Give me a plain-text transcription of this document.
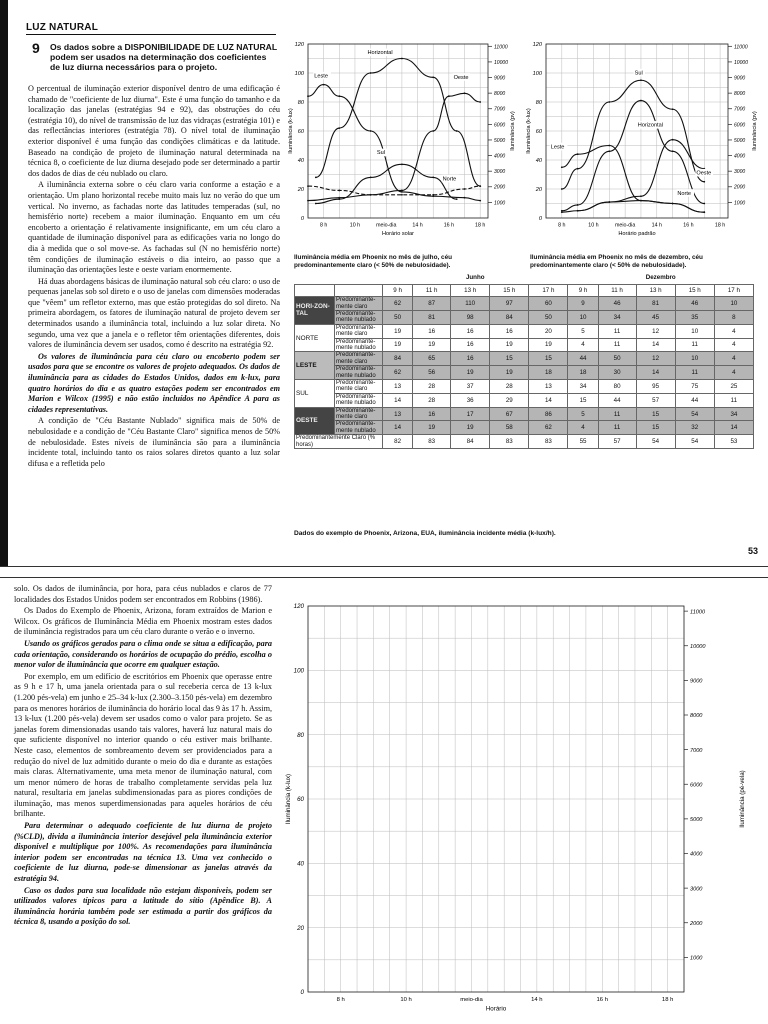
LUZ NATURAL
9 Os dados sobre a DISPONIBILIDADE DE LUZ NATURAL podem ser usados na determinação dos coeficientes de luz diurna necessários para o projeto.

O percentual de iluminação exterior disponível dentro de uma edificação é chamado de "coeficiente de luz diurna". Este é uma função do tamanho e da localização das janelas (estratégias 94 e 92), das obstruções do céu (estratégia 10), do nível de transmissão de luz das vidraças (estratégia 101) e das reflectâncias interiores (estratégia 78). O nível total de iluminação exterior disponível é uma função das condições climáticas e da latitude. Baseado na condição de projeto de iluminação natural determinada na técnica 8, o coeficiente de luz diurna desejado pode ser determinado a partir dos dados de dias de céu nublado ou claro.

A iluminância externa sobre o céu claro varia conforme a estação e a orientação. Um plano horizontal recebe muito mais luz no verão do que um vertical. No inverno, as fachadas norte das latitudes temperadas (sul, no hemisfério norte) recebem a maior iluminação. Enquanto em um céu encoberto a orientação é relativamente insignificante, em um céu claro a quantidade de iluminação disponível para as edificações varia no longo do dia à medida que o sol move-se. As fachadas sul (N no hemisfério norte) têm condições de iluminação estáveis o dia inteiro, ao passo que a iluminação das orientações leste e oeste variam enormemente.

Há duas abordagens básicas de iluminação natural sob céu claro: o uso de pequenas janelas sob sol direto e o uso de janelas com dimensões moderadas que "vêem" um refletor externo, mas que estão protegidas do sol direto. Na primeira abordagem, os fatores de iluminação natural de projeto devem ser determinados usando a iluminância total, incluindo a luz solar direta. No segundo, uma vez que a janela e o refletor têm orientações diferentes, dois valores de iluminância devem ser usados, como é descrito na estratégia 92.

Os valores de iluminância para céu claro ou encoberto podem ser usados para que se encontre os valores de projeto adequados. Os dados de iluminância para as cidades do Estados Unidos, dados em k-lux, para quatro horários do dia e as quatro estações podem ser encontrados em Marion e Wilcox (1995) e não estão incluídos no Apêndice A para as cidades representativas.

A condição de "Céu Bastante Nublado" significa mais de 50% de nebulosidade e a condição de "Céu Bastante Claro" significa menos de 50% de nebulosidade. Estes níveis de iluminância são para a iluminância incidente total, incluindo tanto os raios solares diretos quanto a luz solar difusa e a refletida pelo

0
20
40
60
80
100
120
1000
2000
3000
4000
5000
6000
7000
8000
9000
10000
11000
8 h	10 h	meio-dia	14 h	16 h	18 h
Horário solar
Iluminância (k-lux)	Iluminância (pv)
Horizontal
Leste	Oeste
Sul
Norte
Iluminância média em Phoenix no mês de julho, céu predominantemente claro (< 50% de nebulosidade).
0
20
40
60
80
100
120
1000
2000
3000
4000
5000
6000
7000
8000
9000
10000
11000
8 h	10 h	meio-dia	14 h	16 h	18 h
Horário padrão
Iluminância (k-lux)	Iluminância (pv)
Sul
Horizontal
Leste
Oeste
Norte
Iluminância média em Phoenix no mês de dezembro, céu predominantemente claro (< 50% de nebulosidade).
		Junho					Dezembro				
		9 h	11 h	13 h	15 h	17 h	9 h	11 h	13 h	15 h	17 h
HORI-ZON-TAL	Predominante-mente claro	62	87	110	97	60	9	46	81	46	10
	Predominante-mente nublado	50	81	98	84	50	10	34	45	35	8
NORTE	Predominante-mente claro	19	16	16	16	20	5	11	12	10	4
	Predominante-mente nublado	19	19	16	19	19	4	11	14	11	4
LESTE	Predominante-mente claro	84	65	16	15	15	44	50	12	10	4
	Predominante-mente nublado	62	56	19	19	18	18	30	14	11	4
SUL	Predominante-mente claro	13	28	37	28	13	34	80	95	75	25
	Predominante-mente nublado	14	28	36	29	14	15	44	57	44	11
OESTE	Predominante-mente claro	13	16	17	67	86	5	11	15	54	34
	Predominante-mente nublado	14	19	19	58	62	4	11	15	32	14
Predominantemente Claro (% horas)		82	83	84	83	83	55	57	54	54	53
Dados do exemplo de Phoenix, Arizona, EUA, iluminância incidente média (k-lux/h).
53

solo. Os dados de iluminância, por hora, para céus nublados e claros de 77 localidades dos Estados Unidos podem ser encontrados em Robbins (1986).

Os Dados do Exemplo de Phoenix, Arizona, foram extraídos de Marion e Wilcox. Os gráficos de Iluminância Média em Phoenix mostram estes dados de iluminância registrados para um céu claro durante o verão e o inverno.

Usando os gráficos gerados para o clima onde se situa a edificação, para cada orientação, considerando os horários de ocupação do prédio, escolha o menor valor de iluminância que ocorre em qualquer estação.

Por exemplo, em um edifício de escritórios em Phoenix que operasse entre as 9 h e 17 h, uma janela orientada para o sul receberia cerca de 13 k-lux (1.200 pés-vela) em junho e 25–34 k-lux (2.300–3.150 pés-vela) em dezembro para os menores horários de iluminância do horário local das 9 às 17 h. Assim, 13 k-lux (1.200 pés-vela) devem ser usados como o valor para projeto. Se as janelas forem dimensionadas usando tais valores, haverá luz natural mais do que suficiente disponível no interior quando o céu estiver mais brilhante. Neste caso, elementos de sombreamento devem ser providenciados para a redução do nível de luz admitido durante o meio do dia e durante as estações mais claras. Alternativamente, uma meta menor de iluminação natural, com um menor número de horas de trabalho completamente servidas pela luz natural, resultaria em janelas subdimensionadas para as piores condições de iluminação, mas menos superdimensionadas para aqueles horários de céu brilhante.

Para determinar o adequado coeficiente de luz diurna de projeto (%CLD), divida a iluminância interior desejável pela iluminância exterior disponível e multiplique por 100%. As recomendações para iluminância interior podem ser encontradas na técnica 13. Uma vez conhecido o coeficiente de luz diurna, pode-se dimensionar as janelas através da estratégia 94.

Caso os dados para sua localidade não estejam disponíveis, podem ser utilizados valores típicos para a latitude do sítio (Apêndice B). A iluminância horária também pode ser estimada a partir dos gráficos da técnica 8, usando a posição do sol.

0
20
40
60
80
100
120
1000
2000
3000
4000
5000
6000
7000
8000
9000
10000
11000
8 h	10 h	meio-dia	14 h	16 h	18 h
Horário
Iluminância (k-lux)	Iluminância (pé-vela)
